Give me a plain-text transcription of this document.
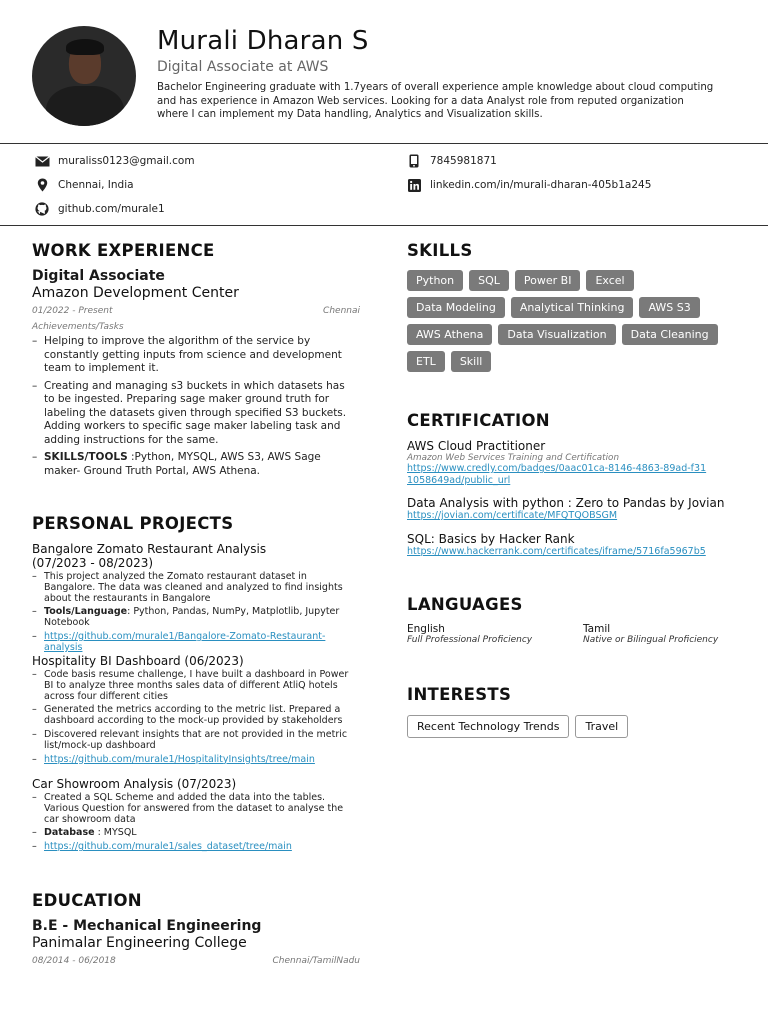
Murali Dharan S
Digital Associate at AWS
Bachelor Engineering graduate with 1.7years of overall experience ample knowledge about cloud computing and has experience in Amazon Web services. Looking for a data Analyst role from reputed organization where I can implement my Data handling, Analytics and Visualization skills.
muraliss0123@gmail.com	7845981871
Chennai, India	linkedin.com/in/murali-dharan-405b1a245
github.com/murale1
WORK EXPERIENCE
Digital Associate
Amazon Development Center
01/2022 - Present	Chennai
Achievements/Tasks
– Helping to improve the algorithm of the service by constantly getting inputs from science and development team to implement it.
– Creating and managing s3 buckets in which datasets has to be ingested. Preparing sage maker ground truth for labeling the datasets given through specified S3 buckets. Adding workers to specific sage maker labeling task and adding instructions for the same.
– SKILLS/TOOLS :Python, MYSQL, AWS S3, AWS Sage maker- Ground Truth Portal, AWS Athena.
PERSONAL PROJECTS
Bangalore Zomato Restaurant Analysis
(07/2023 - 08/2023)
– This project analyzed the Zomato restaurant dataset in Bangalore. The data was cleaned and analyzed to find insights about the restaurants in Bangalore
– Tools/Language: Python, Pandas, NumPy, Matplotlib, Jupyter Notebook
– https://github.com/murale1/Bangalore-Zomato-Restaurant-analysis
Hospitality BI Dashboard (06/2023)
– Code basis resume challenge, I have built a dashboard in Power BI to analyze three months sales data of different AtliQ hotels across four different cities
– Generated the metrics according to the metric list. Prepared a dashboard according to the mock-up provided by stakeholders
– Discovered relevant insights that are not provided in the metric list/mock-up dashboard
– https://github.com/murale1/HospitalityInsights/tree/main
Car Showroom Analysis (07/2023)
– Created a SQL Scheme and added the data into the tables. Various Question for answered from the dataset to analyse the car showroom data
– Database : MYSQL
– https://github.com/murale1/sales_dataset/tree/main
EDUCATION
B.E - Mechanical Engineering
Panimalar Engineering College
08/2014 - 06/2018	Chennai/TamilNadu
SKILLS
Python	SQL	Power BI	Excel
Data Modeling	Analytical Thinking	AWS S3
AWS Athena	Data Visualization	Data Cleaning
ETL	Skill
CERTIFICATION
AWS Cloud Practitioner
Amazon Web Services Training and Certification
https://www.credly.com/badges/0aac01ca-8146-4863-89ad-f311058649ad/public_url
Data Analysis with python : Zero to Pandas by Jovian
https://jovian.com/certificate/MFQTQOBSGM
SQL: Basics by Hacker Rank
https://www.hackerrank.com/certificates/iframe/5716fa5967b5
LANGUAGES
English
Full Professional Proficiency
Tamil
Native or Bilingual Proficiency
INTERESTS
Recent Technology Trends	Travel
